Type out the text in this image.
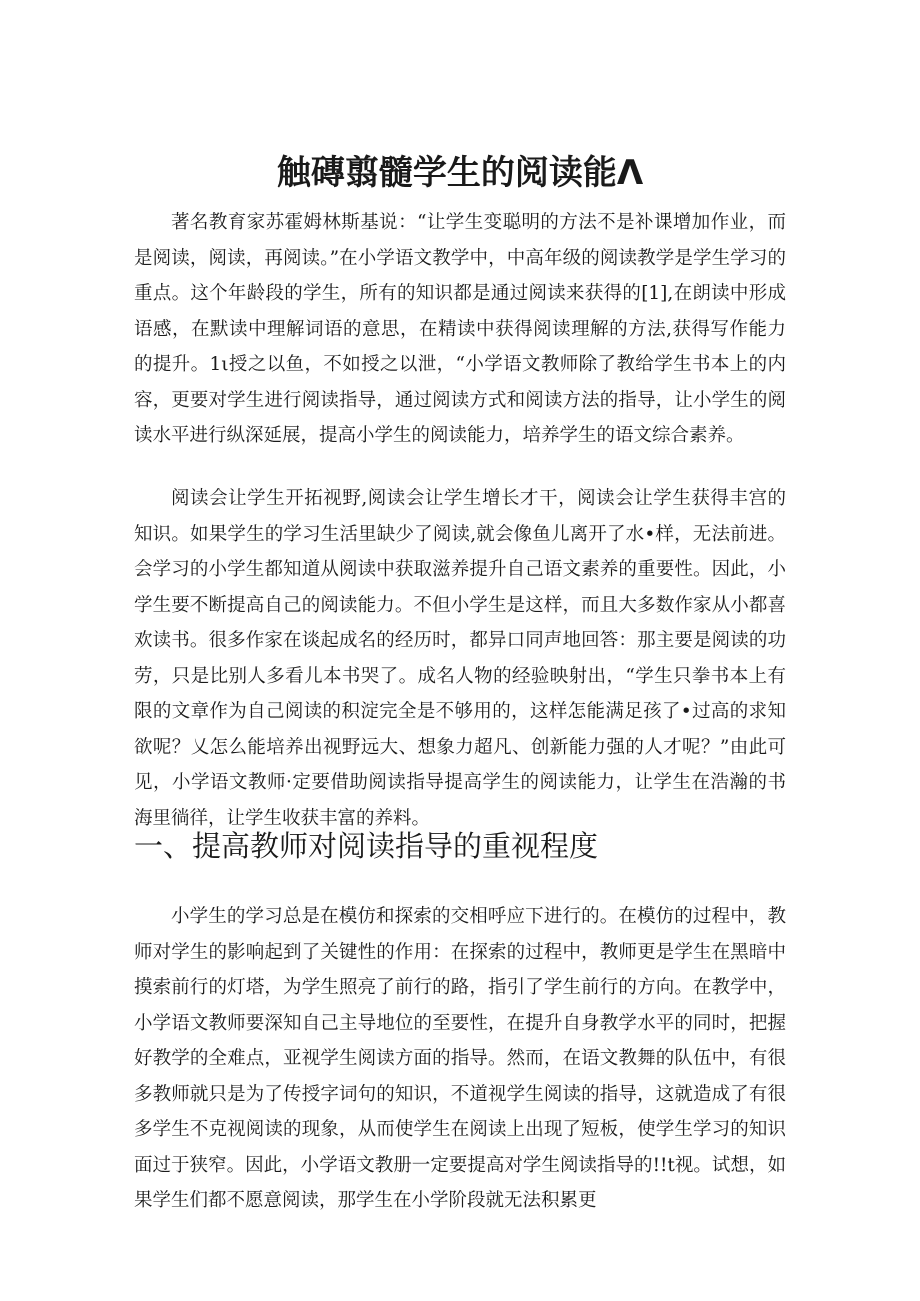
触磚翦髓学生的阅读能Λ

著名教育家苏霍姆林斯基说：“让学生变聪明的方法不是补课增加作业，而是阅读，阅读，再阅读。”在小学语文教学中，中高年级的阅读教学是学生学习的重点。这个年龄段的学生，所有的知识都是通过阅读来获得的[1],在朗读中形成语感，在默读中理解词语的意思，在精读中获得阅读理解的方法,获得写作能力的提升。1ι授之以鱼，不如授之以泄，“小学语文教师除了教给学生书本上的内容，更要对学生进行阅读指导，通过阅读方式和阅读方法的指导，让小学生的阅读水平进行纵深延展，提高小学生的阅读能力，培养学生的语文综合素养。

阅读会让学生开拓视野,阅读会让学生增长才干，阅读会让学生获得丰宫的知识。如果学生的学习生活里缺少了阅读,就会像鱼儿离开了水•样，无法前进。会学习的小学生都知道从阅读中获取滋养提升自己语文素养的重要性。因此，小学生要不断提高自己的阅读能力。不但小学生是这样，而且大多数作家从小都喜欢读书。很多作家在谈起成名的经历时，都异口同声地回答：那主要是阅读的功劳，只是比别人多看儿本书哭了。成名人物的经验映射出，“学生只拳书本上有限的文章作为自己阅读的积淀完全是不够用的，这样怎能满足孩了•过高的求知欲呢？乂怎么能培养出视野远大、想象力超凡、创新能力强的人才呢？”由此可见，小学语文教师·定要借助阅读指导提高学生的阅读能力，让学生在浩瀚的书海里徜徉，让学生收获丰富的养料。

一、提高教师对阅读指导的重视程度

小学生的学习总是在模仿和探索的交相呼应下进行的。在模仿的过程中，教师对学生的影响起到了关键性的作用：在探索的过程中，教师更是学生在黑暗中摸索前行的灯塔，为学生照亮了前行的路，指引了学生前行的方向。在教学中，小学语文教师要深知自己主导地位的至要性，在提升自身教学水平的同时，把握好教学的全难点，亚视学生阅读方面的指导。然而，在语文教舞的队伍中，有很多教师就只是为了传授字词句的知识，不道视学生阅读的指导，这就造成了有很多学生不克视阅读的现象，从而使学生在阅读上出现了短板，使学生学习的知识面过于狭窄。因此，小学语文教册一定要提高对学生阅读指导的!!t视。试想，如果学生们都不愿意阅读，那学生在小学阶段就无法积累更
